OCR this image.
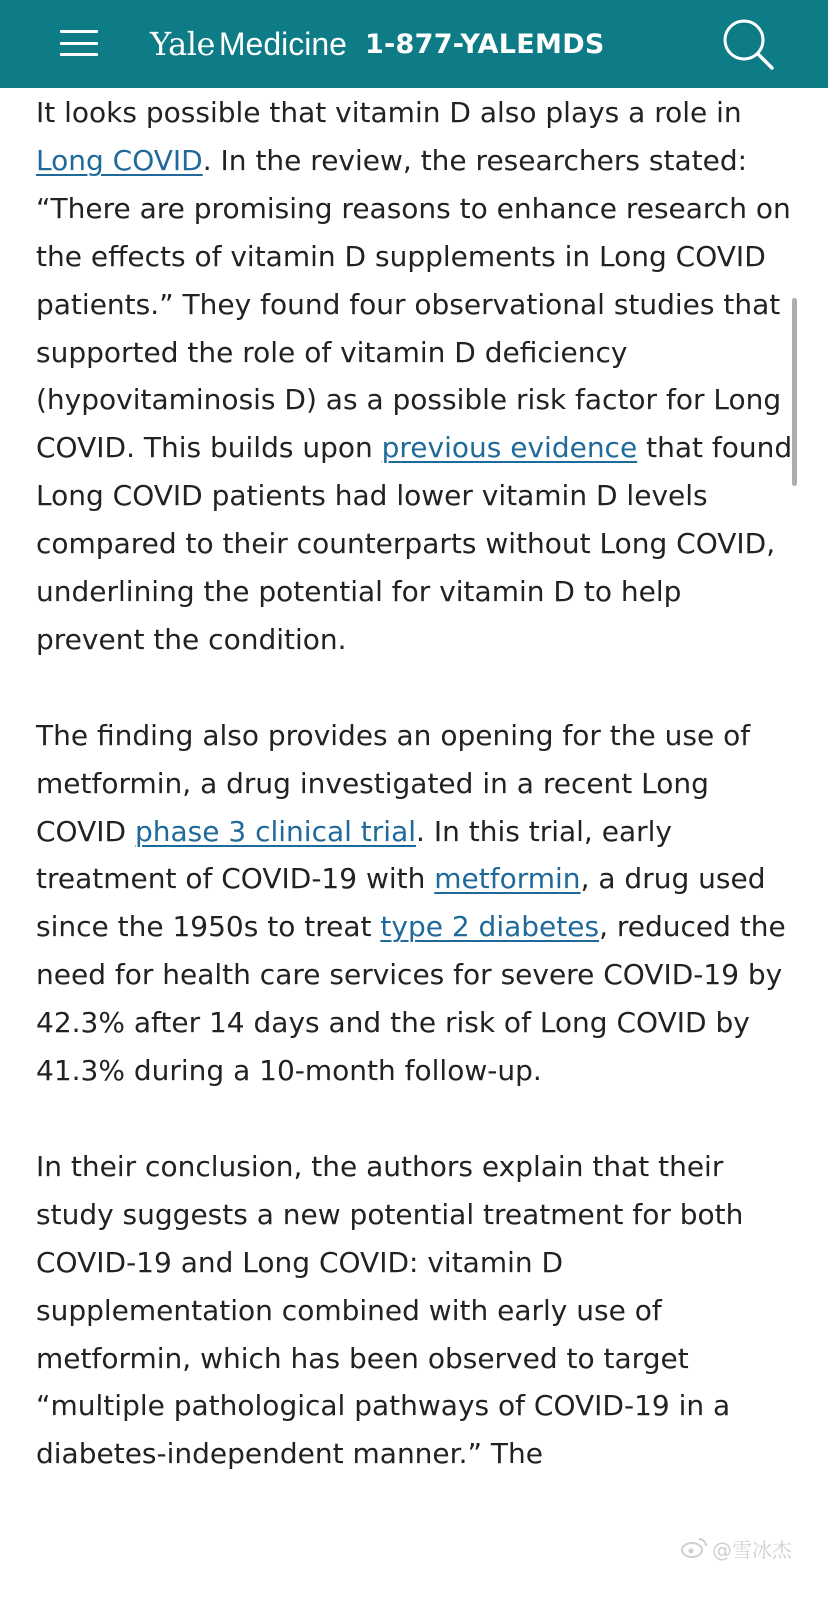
Yale Medicine 1-877-YALEMDS

It looks possible that vitamin D also plays a role in Long COVID. In the review, the researchers stated: “There are promising reasons to enhance research on the effects of vitamin D supplements in Long COVID patients.” They found four observational studies that supported the role of vitamin D deficiency (hypovitaminosis D) as a possible risk factor for Long COVID. This builds upon previous evidence that found Long COVID patients had lower vitamin D levels compared to their counterparts without Long COVID, underlining the potential for vitamin D to help prevent the condition.

The finding also provides an opening for the use of metformin, a drug investigated in a recent Long COVID phase 3 clinical trial. In this trial, early treatment of COVID-19 with metformin, a drug used since the 1950s to treat type 2 diabetes, reduced the need for health care services for severe COVID-19 by 42.3% after 14 days and the risk of Long COVID by 41.3% during a 10-month follow-up.

In their conclusion, the authors explain that their study suggests a new potential treatment for both COVID-19 and Long COVID: vitamin D supplementation combined with early use of metformin, which has been observed to target “multiple pathological pathways of COVID-19 in a diabetes-independent manner.” The

@雪冰杰
